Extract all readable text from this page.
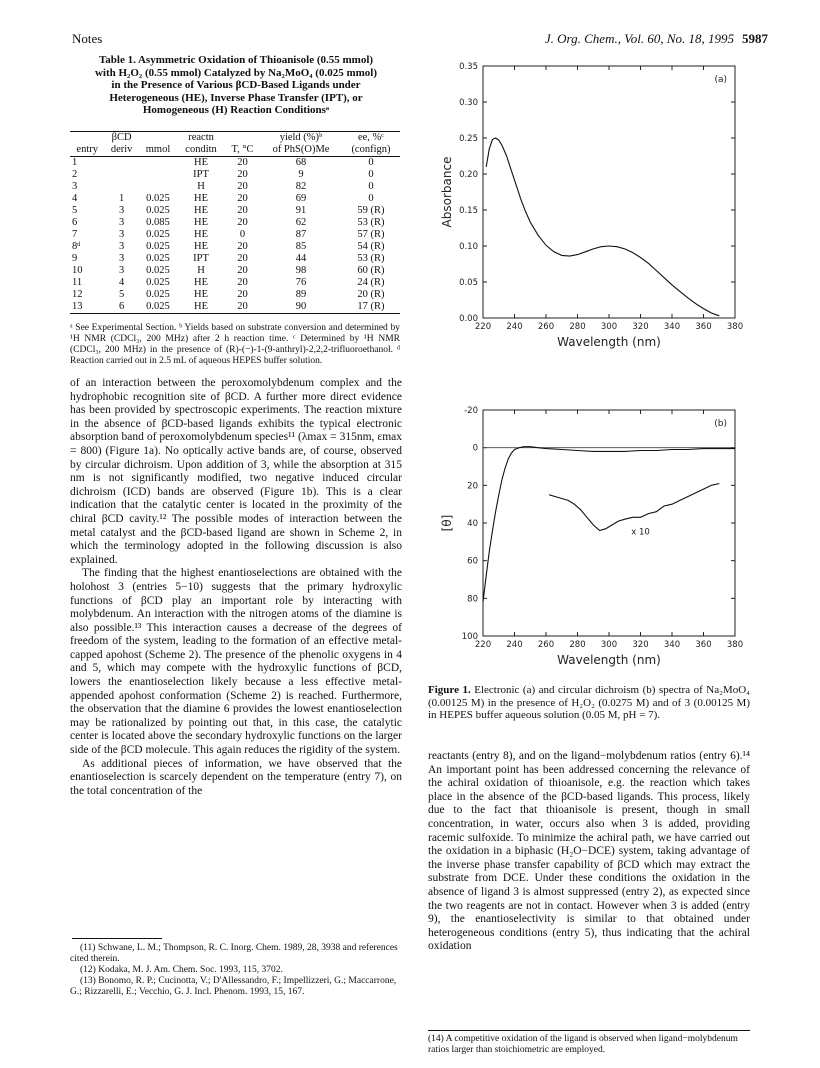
Notes	J. Org. Chem., Vol. 60, No. 18, 1995 5987
Table 1. Asymmetric Oxidation of Thioanisole (0.55 mmol) with H₂O₂ (0.55 mmol) Catalyzed by Na₂MoO₄ (0.025 mmol) in the Presence of Various βCD-Based Ligands under Heterogeneous (HE), Inverse Phase Transfer (IPT), or Homogeneous (H) Reaction Conditionsᵃ

	βCD		reactn		yield (%)ᵇ	ee, %ᶜ
entry	deriv	mmol	conditn	T, °C	of PhS(O)Me	(confign)

1			HE	20	68	0
2			IPT	20	9	0
3			H	20	82	0
4	1	0.025	HE	20	69	0
5	3	0.025	HE	20	91	59 (R)
6	3	0.085	HE	20	62	53 (R)
7	3	0.025	HE	0	87	57 (R)
8ᵈ	3	0.025	HE	20	85	54 (R)
9	3	0.025	IPT	20	44	53 (R)
10	3	0.025	H	20	98	60 (R)
11	4	0.025	HE	20	76	24 (R)
12	5	0.025	HE	20	89	20 (R)
13	6	0.025	HE	20	90	17 (R)

ᵃ See Experimental Section. ᵇ Yields based on substrate conversion and determined by ¹H NMR (CDCl₃, 200 MHz) after 2 h reaction time. ᶜ Determined by ¹H NMR (CDCl₃, 200 MHz) in the presence of (R)-(−)-1-(9-anthryl)-2,2,2-trifluoroethanol. ᵈ Reaction carried out in 2.5 mL of aqueous HEPES buffer solution.

of an interaction between the peroxomolybdenum complex and the hydrophobic recognition site of βCD. A further more direct evidence has been provided by spectroscopic experiments. The reaction mixture in the absence of βCD-based ligands exhibits the typical electronic absorption band of peroxomolybdenum species¹¹ (λmax = 315nm, εmax = 800) (Figure 1a). No optically active bands are, of course, observed by circular dichroism. Upon addition of 3, while the absorption at 315 nm is not significantly modified, two negative induced circular dichroism (ICD) bands are observed (Figure 1b). This is a clear indication that the catalytic center is located in the proximity of the chiral βCD cavity.¹² The possible modes of interaction between the metal catalyst and the βCD-based ligand are shown in Scheme 2, in which the terminology adopted in the following discussion is also explained.

The finding that the highest enantioselections are obtained with the holohost 3 (entries 5−10) suggests that the primary hydroxylic functions of βCD play an important role by interacting with molybdenum. An interaction with the nitrogen atoms of the diamine is also possible.¹³ This interaction causes a decrease of the degrees of freedom of the system, leading to the formation of an effective metal-capped apohost (Scheme 2). The presence of the phenolic oxygens in 4 and 5, which may compete with the hydroxylic functions of βCD, lowers the enantioselection likely because a less effective metal-appended apohost conformation (Scheme 2) is reached. Furthermore, the observation that the diamine 6 provides the lowest enantioselection may be rationalized by pointing out that, in this case, the catalytic center is located above the secondary hydroxylic functions on the larger side of the βCD molecule. This again reduces the rigidity of the system.

As additional pieces of information, we have observed that the enantioselection is scarcely dependent on the temperature (entry 7), on the total concentration of the

(11) Schwane, L. M.; Thompson, R. C. Inorg. Chem. 1989, 28, 3938 and references cited therein.
(12) Kodaka, M. J. Am. Chem. Soc. 1993, 115, 3702.
(13) Bonomo, R. P.; Cucinotta, V.; D'Allessandro, F.; Impellizzeri, G.; Maccarrone, G.; Rizzarelli, E.; Vecchio, G. J. Incl. Phenom. 1993, 15, 167.
220 240 260 280 300 320 340 360 380
0.00
0.05
0.10
0.15
0.20
0.25
0.30
0.35
(a)
Wavelength (nm)
Absorbance
220 240 260 280 300 320 340 360 380
-20
0
20
40
60
80
100
(b)
Wavelength (nm)
[θ]
x 10
Figure 1. Electronic (a) and circular dichroism (b) spectra of Na₂MoO₄ (0.00125 M) in the presence of H₂O₂ (0.0275 M) and of 3 (0.00125 M) in HEPES buffer aqueous solution (0.05 M, pH = 7).

reactants (entry 8), and on the ligand−molybdenum ratios (entry 6).¹⁴ An important point has been addressed concerning the relevance of the achiral oxidation of thioanisole, e.g. the reaction which takes place in the absence of the βCD-based ligands. This process, likely due to the fact that thioanisole is present, though in small concentration, in water, occurs also when 3 is added, providing racemic sulfoxide. To minimize the achiral path, we have carried out the oxidation in a biphasic (H₂O−DCE) system, taking advantage of the inverse phase transfer capability of βCD which may extract the substrate from DCE. Under these conditions the oxidation in the absence of ligand 3 is almost suppressed (entry 2), as expected since the two reagents are not in contact. However when 3 is added (entry 9), the enantioselectivity is similar to that obtained under heterogeneous conditions (entry 5), thus indicating that the achiral oxidation

(14) A competitive oxidation of the ligand is observed when ligand−molybdenum ratios larger than stoichiometric are employed.
